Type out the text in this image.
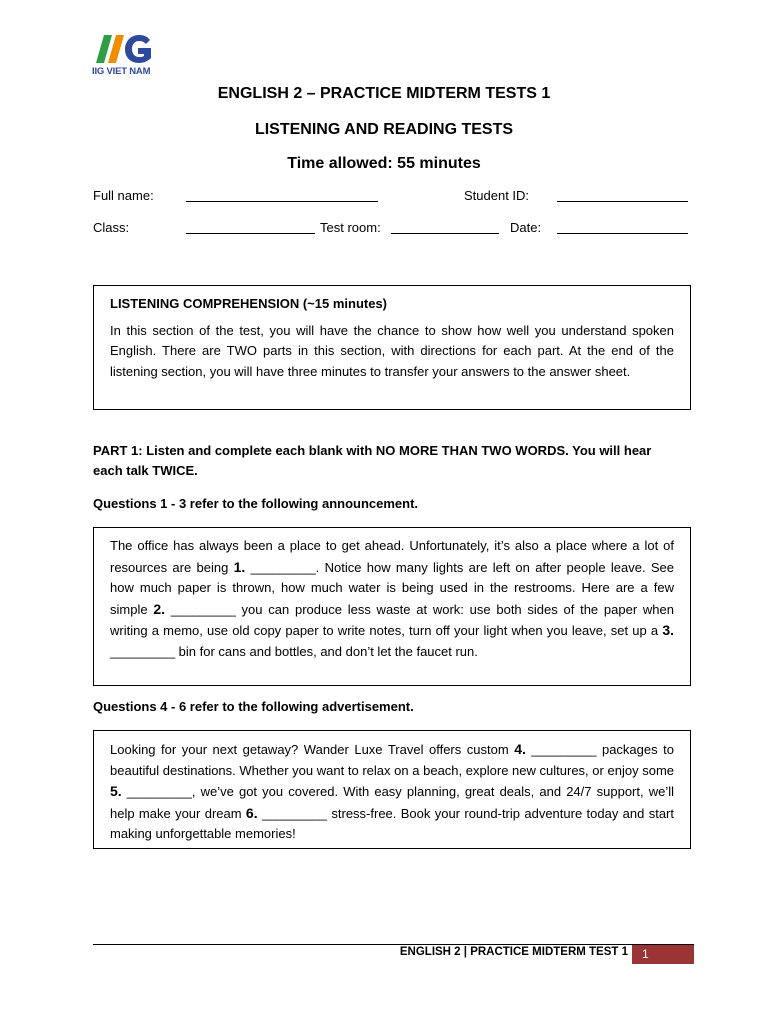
IIG VIET NAM
ENGLISH 2 – PRACTICE MIDTERM TESTS 1
LISTENING AND READING TESTS
Time allowed: 55 minutes
Full name:	Student ID:
Class:	Test room:	Date:
LISTENING COMPREHENSION (~15 minutes)

In this section of the test, you will have the chance to show how well you understand spoken English. There are TWO parts in this section, with directions for each part. At the end of the listening section, you will have three minutes to transfer your answers to the answer sheet.

PART 1: Listen and complete each blank with NO MORE THAN TWO WORDS. You will hear each talk TWICE.
Questions 1 - 3 refer to the following announcement.

The office has always been a place to get ahead. Unfortunately, it’s also a place where a lot of resources are being 1. _________. Notice how many lights are left on after people leave. See how much paper is thrown, how much water is being used in the restrooms. Here are a few simple 2. _________ you can produce less waste at work: use both sides of the paper when writing a memo, use old copy paper to write notes, turn off your light when you leave, set up a 3. _________ bin for cans and bottles, and don’t let the faucet run.

Questions 4 - 6 refer to the following advertisement.

Looking for your next getaway? Wander Luxe Travel offers custom 4. _________ packages to beautiful destinations. Whether you want to relax on a beach, explore new cultures, or enjoy some 5. _________, we’ve got you covered. With easy planning, great deals, and 24/7 support, we’ll help make your dream 6. _________ stress-free. Book your round-trip adventure today and start making unforgettable memories!

ENGLISH 2 | PRACTICE MIDTERM TEST 1	1
